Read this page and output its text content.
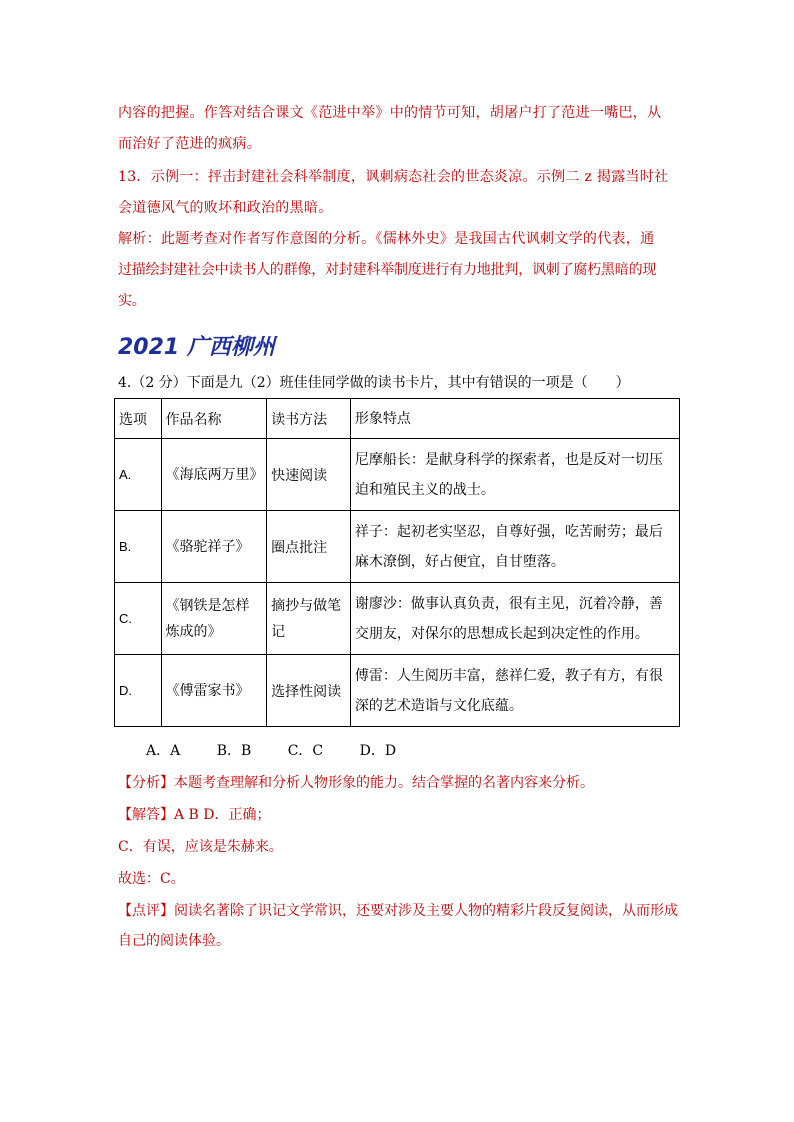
内容的把握。作答对结合课文《范进中举》中的情节可知，胡屠户打了范进一嘴巴，从
而治好了范进的疯病。
13．示例一：抨击封建社会科举制度，讽刺病态社会的世态炎凉。示例二 z 揭露当时社
会道德风气的败坏和政治的黑暗。
解析：此题考查对作者写作意图的分析。《儒林外史》是我国古代讽刺文学的代表，通
过描绘封建社会中读书人的群像，对封建科举制度进行有力地批判，讽刺了腐朽黑暗的现实。
2021 广西柳州
4.（2 分）下面是九（2）班佳佳同学做的读书卡片，其中有错误的一项是（　　）
选项	作品名称	读书方法	形象特点
A.	《海底两万里》	快速阅读	尼摩船长：是献身科学的探索者，也是反对一切压迫和殖民主义的战士。
B.	《骆驼祥子》	圈点批注	祥子：起初老实坚忍，自尊好强，吃苦耐劳；最后麻木潦倒，好占便宜，自甘堕落。
C.	《钢铁是怎样炼成的》	摘抄与做笔记	谢廖沙：做事认真负责，很有主见，沉着冷静，善交朋友，对保尔的思想成长起到决定性的作用。
D.	《傅雷家书》	选择性阅读	傅雷：人生阅历丰富，慈祥仁爱，教子有方，有很深的艺术造诣与文化底蕴。
A．A	B．B	C．C	D．D
【分析】本题考查理解和分析人物形象的能力。结合掌握的名著内容来分析。
【解答】A B D．正确；
C．有误，应该是朱赫来。
故选：C。
【点评】阅读名著除了识记文学常识，还要对涉及主要人物的精彩片段反复阅读，从而形成
自己的阅读体验。
